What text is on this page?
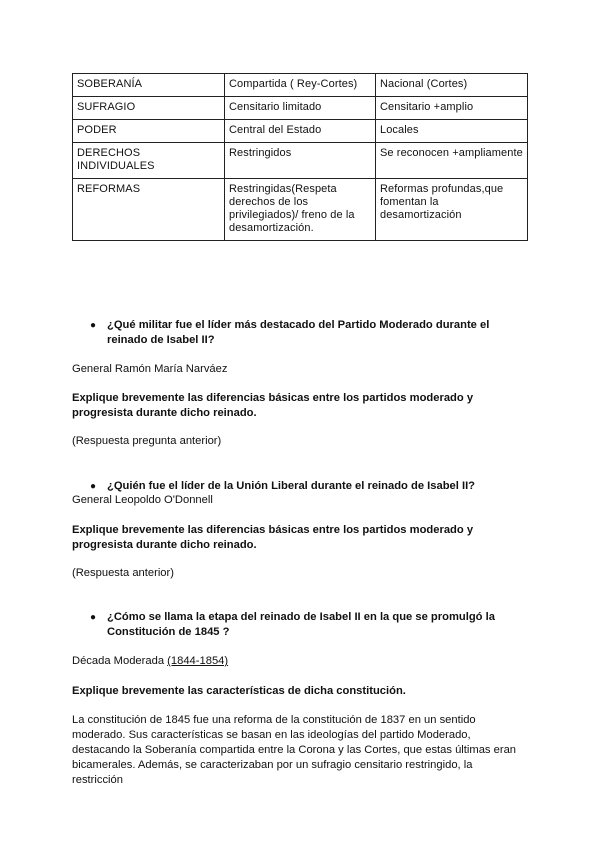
SOBERANÍA	Compartida ( Rey-Cortes)	Nacional (Cortes)
SUFRAGIO	Censitario limitado	Censitario +amplio
PODER	Central del Estado	Locales
DERECHOS INDIVIDUALES	Restringidos	Se reconocen +ampliamente
REFORMAS	Restringidas(Respeta derechos de los privilegiados)/ freno de la desamortización.	Reformas profundas,que fomentan la desamortización
● ¿Qué militar fue el líder más destacado del Partido Moderado durante el reinado de Isabel II?
General Ramón María Narváez
Explique brevemente las diferencias básicas entre los partidos moderado y progresista durante dicho reinado.
(Respuesta pregunta anterior)
● ¿Quién fue el líder de la Unión Liberal durante el reinado de Isabel II?
General Leopoldo O'Donnell
Explique brevemente las diferencias básicas entre los partidos moderado y progresista durante dicho reinado.
(Respuesta anterior)
● ¿Cómo se llama la etapa del reinado de Isabel II en la que se promulgó la Constitución de 1845 ?
Década Moderada (1844-1854)
Explique brevemente las características de dicha constitución.
La constitución de 1845 fue una reforma de la constitución de 1837 en un sentido moderado. Sus características se basan en las ideologías del partido Moderado, destacando la Soberanía compartida entre la Corona y las Cortes, que estas últimas eran bicamerales. Además, se caracterizaban por un sufragio censitario restringido, la restricción
